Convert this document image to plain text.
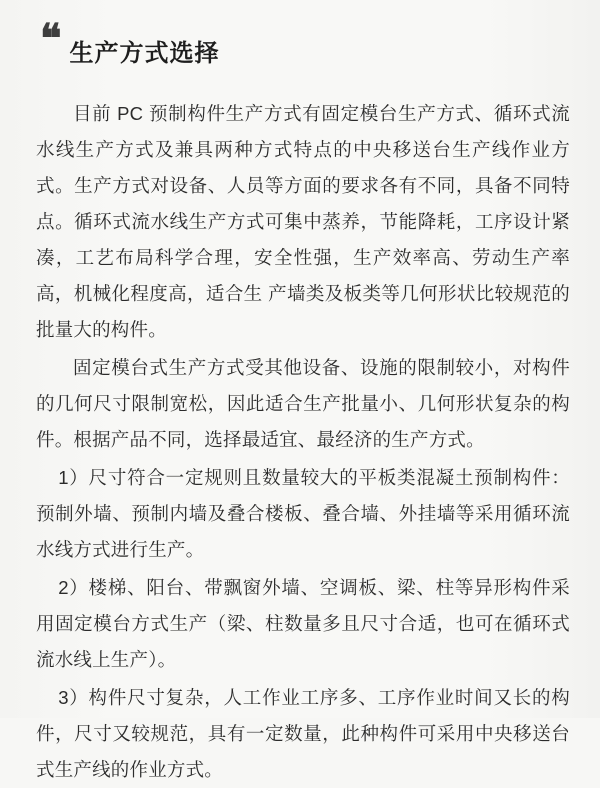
❝ 生产方式选择

目前 PC 预制构件生产方式有固定模台生产方式、循环式流水线生产方式及兼具两种方式特点的中央移送台生产线作业方式。生产方式对设备、人员等方面的要求各有不同，具备不同特点。循环式流水线生产方式可集中蒸养，节能降耗，工序设计紧凑，工艺布局科学合理，安全性强，生产效率高、劳动生产率高，机械化程度高，适合生 产墙类及板类等几何形状比较规范的批量大的构件。

固定模台式生产方式受其他设备、设施的限制较小，对构件的几何尺寸限制宽松，因此适合生产批量小、几何形状复杂的构件。根据产品不同，选择最适宜、最经济的生产方式。

1）尺寸符合一定规则且数量较大的平板类混凝土预制构件：预制外墙、预制内墙及叠合楼板、叠合墙、外挂墙等采用循环流水线方式进行生产。

2）楼梯、阳台、带飘窗外墙、空调板、梁、柱等异形构件采用固定模台方式生产（梁、柱数量多且尺寸合适，也可在循环式流水线上生产）。

3）构件尺寸复杂，人工作业工序多、工序作业时间又长的构件，尺寸又较规范，具有一定数量，此种构件可采用中央移送台式生产线的作业方式。
